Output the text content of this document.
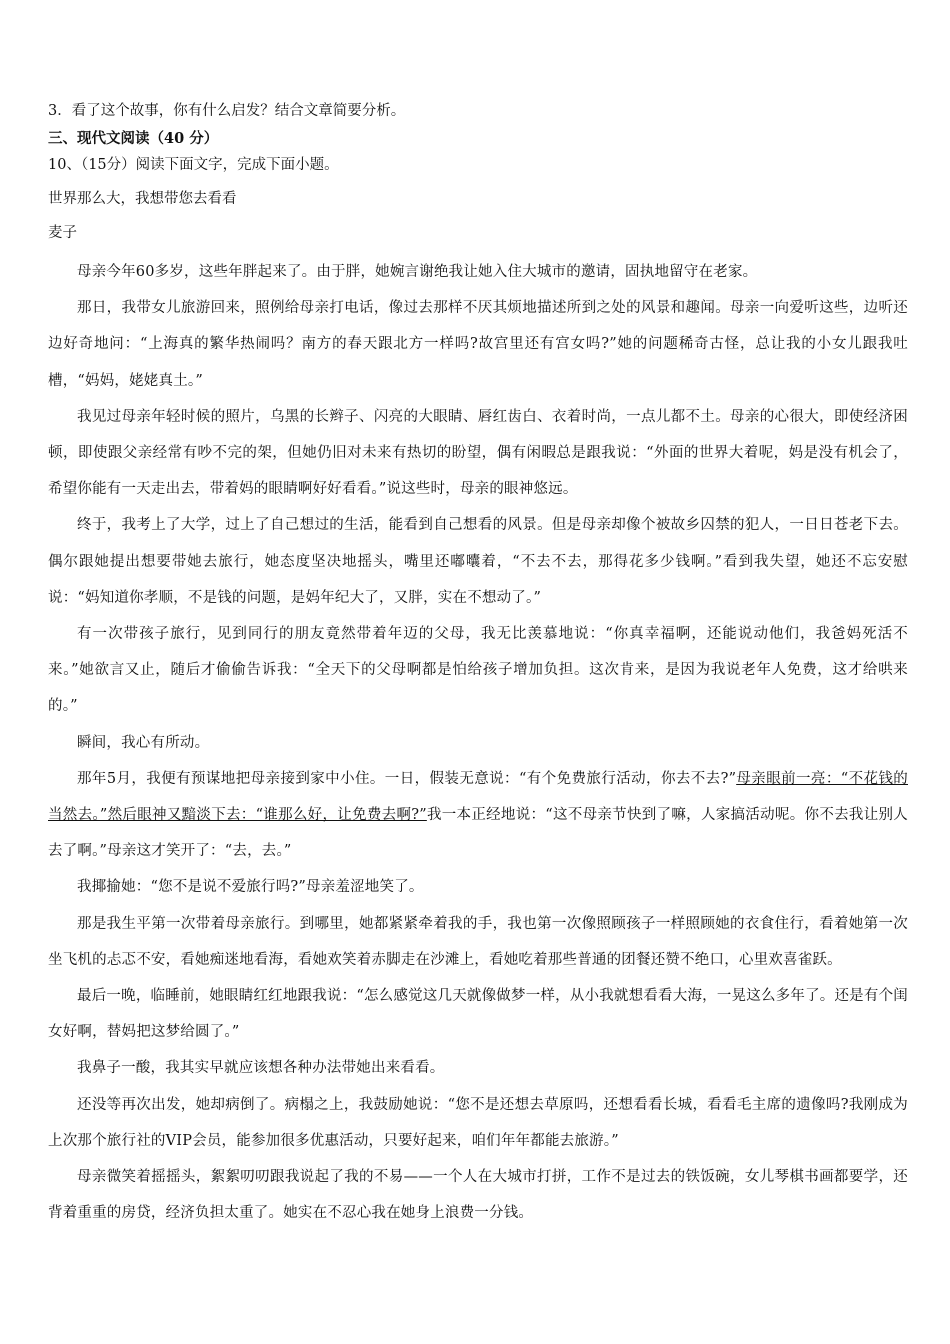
3．看了这个故事，你有什么启发？结合文章简要分析。
三、现代文阅读（40 分）
10、（15分）阅读下面文字，完成下面小题。
世界那么大，我想带您去看看
麦子

母亲今年60多岁，这些年胖起来了。由于胖，她婉言谢绝我让她入住大城市的邀请，固执地留守在老家。

那日，我带女儿旅游回来，照例给母亲打电话，像过去那样不厌其烦地描述所到之处的风景和趣闻。母亲一向爱听这些，边听还边好奇地问：“上海真的繁华热闹吗？南方的春天跟北方一样吗?故宫里还有宫女吗?”她的问题稀奇古怪，总让我的小女儿跟我吐槽，“妈妈，姥姥真土。”

我见过母亲年轻时候的照片，乌黑的长辫子、闪亮的大眼睛、唇红齿白、衣着时尚，一点儿都不土。母亲的心很大，即使经济困顿，即使跟父亲经常有吵不完的架，但她仍旧对未来有热切的盼望，偶有闲暇总是跟我说：“外面的世界大着呢，妈是没有机会了，希望你能有一天走出去，带着妈的眼睛啊好好看看。”说这些时，母亲的眼神悠远。

终于，我考上了大学，过上了自己想过的生活，能看到自己想看的风景。但是母亲却像个被故乡囚禁的犯人，一日日苍老下去。偶尔跟她提出想要带她去旅行，她态度坚决地摇头，嘴里还嘟囔着，“不去不去，那得花多少钱啊。”看到我失望，她还不忘安慰说：“妈知道你孝顺，不是钱的问题，是妈年纪大了，又胖，实在不想动了。”

有一次带孩子旅行，见到同行的朋友竟然带着年迈的父母，我无比羡慕地说：“你真幸福啊，还能说动他们，我爸妈死活不来。”她欲言又止，随后才偷偷告诉我：“全天下的父母啊都是怕给孩子增加负担。这次肯来，是因为我说老年人免费，这才给哄来的。”

瞬间，我心有所动。

那年5月，我便有预谋地把母亲接到家中小住。一日，假装无意说：“有个免费旅行活动，你去不去?”母亲眼前一亮：“不花钱的当然去。”然后眼神又黯淡下去：“谁那么好，让免费去啊?”我一本正经地说：“这不母亲节快到了嘛，人家搞活动呢。你不去我让别人去了啊。”母亲这才笑开了：“去，去。”

我揶揄她：“您不是说不爱旅行吗?”母亲羞涩地笑了。

那是我生平第一次带着母亲旅行。到哪里，她都紧紧牵着我的手，我也第一次像照顾孩子一样照顾她的衣食住行，看着她第一次坐飞机的忐忑不安，看她痴迷地看海，看她欢笑着赤脚走在沙滩上，看她吃着那些普通的团餐还赞不绝口，心里欢喜雀跃。

最后一晚，临睡前，她眼睛红红地跟我说：“怎么感觉这几天就像做梦一样，从小我就想看看大海，一晃这么多年了。还是有个闺女好啊，替妈把这梦给圆了。”

我鼻子一酸，我其实早就应该想各种办法带她出来看看。

还没等再次出发，她却病倒了。病榻之上，我鼓励她说：“您不是还想去草原吗，还想看看长城，看看毛主席的遗像吗?我刚成为上次那个旅行社的VIP会员，能参加很多优惠活动，只要好起来，咱们年年都能去旅游。”

母亲微笑着摇摇头，絮絮叨叨跟我说起了我的不易——一个人在大城市打拼，工作不是过去的铁饭碗，女儿琴棋书画都要学，还背着重重的房贷，经济负担太重了。她实在不忍心我在她身上浪费一分钱。
